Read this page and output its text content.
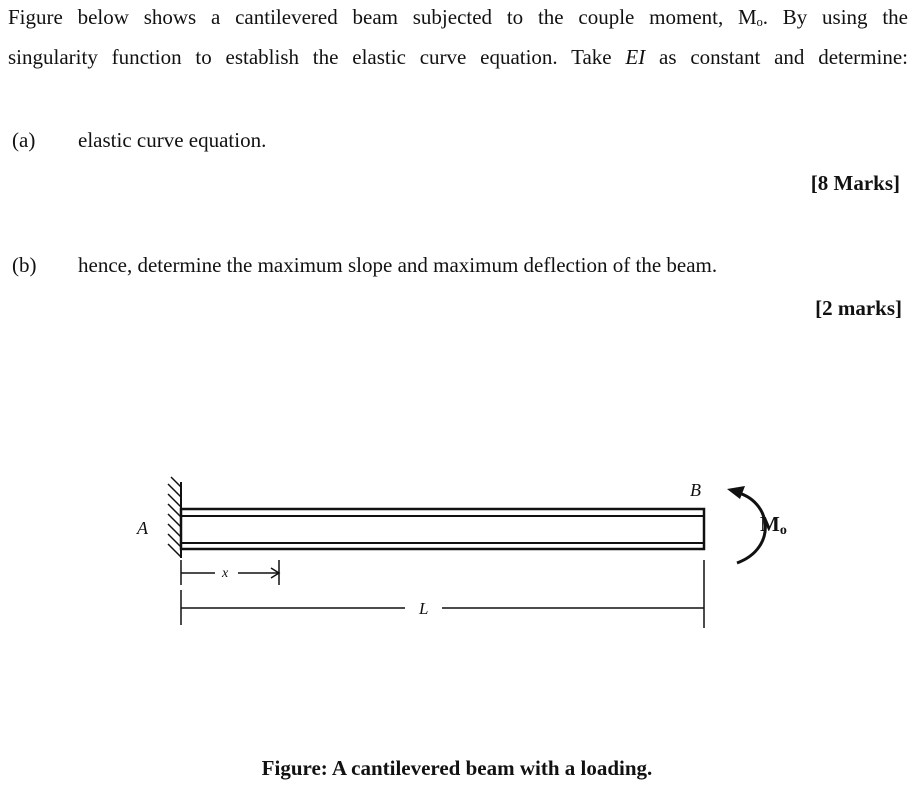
Figure below shows a cantilevered beam subjected to the couple moment, Mₒ. By using the
singularity function to establish the elastic curve equation. Take EI as constant and determine:
(a) elastic curve equation.
[8 Marks]
(b) hence, determine the maximum slope and maximum deflection of the beam.
[2 marks]
A
B
x
L
$M_o$
Figure: A cantilevered beam with a loading.
